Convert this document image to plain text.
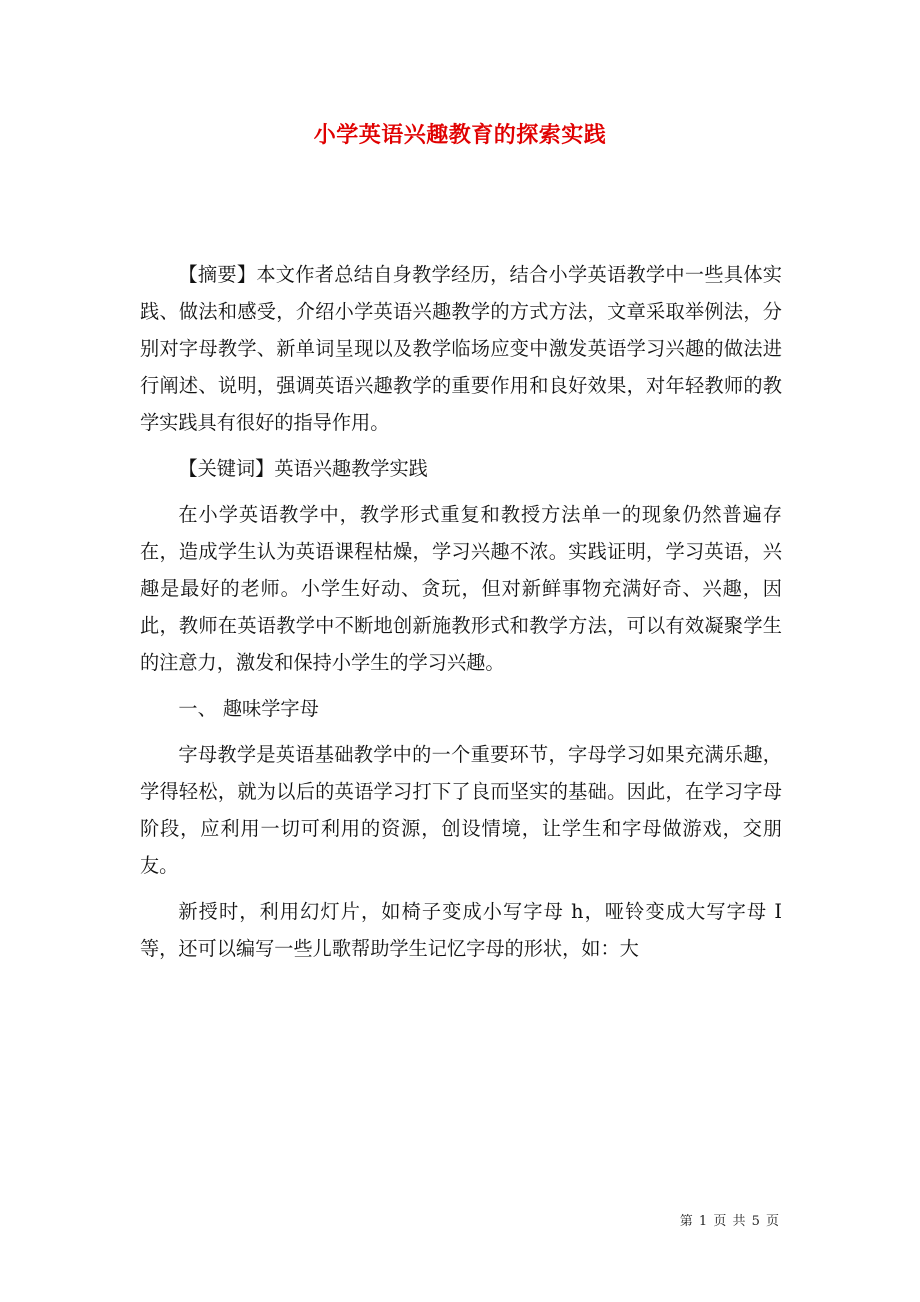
小学英语兴趣教育的探索实践

【摘要】本文作者总结自身教学经历，结合小学英语教学中一些具体实践、做法和感受，介绍小学英语兴趣教学的方式方法，文章采取举例法，分别对字母教学、新单词呈现以及教学临场应变中激发英语学习兴趣的做法进行阐述、说明，强调英语兴趣教学的重要作用和良好效果，对年轻教师的教学实践具有很好的指导作用。

【关键词】英语兴趣教学实践

在小学英语教学中，教学形式重复和教授方法单一的现象仍然普遍存在，造成学生认为英语课程枯燥，学习兴趣不浓。实践证明，学习英语，兴趣是最好的老师。小学生好动、贪玩，但对新鲜事物充满好奇、兴趣，因此，教师在英语教学中不断地创新施教形式和教学方法，可以有效凝聚学生的注意力，激发和保持小学生的学习兴趣。

一、 趣味学字母

字母教学是英语基础教学中的一个重要环节，字母学习如果充满乐趣，学得轻松，就为以后的英语学习打下了良而坚实的基础。因此，在学习字母阶段，应利用一切可利用的资源，创设情境，让学生和字母做游戏，交朋友。

新授时，利用幻灯片，如椅子变成小写字母 h，哑铃变成大写字母 I 等，还可以编写一些儿歌帮助学生记忆字母的形状，如：大

第 1 页 共 5 页
